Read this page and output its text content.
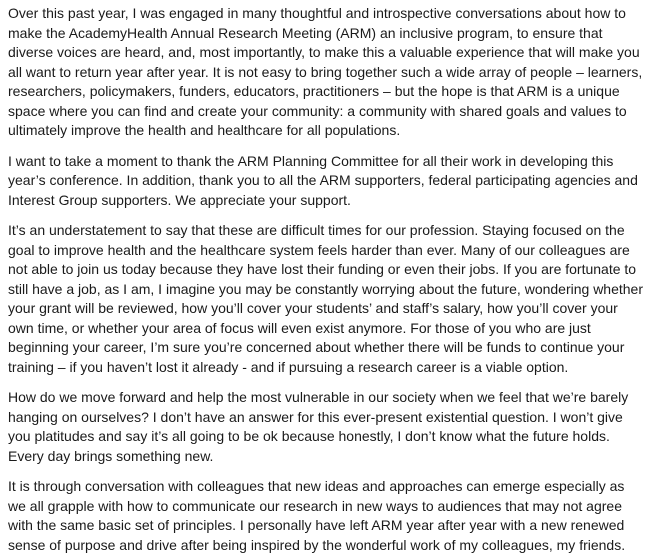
Over this past year, I was engaged in many thoughtful and introspective conversations about how to make the AcademyHealth Annual Research Meeting (ARM) an inclusive program, to ensure that diverse voices are heard, and, most importantly, to make this a valuable experience that will make you all want to return year after year. It is not easy to bring together such a wide array of people – learners, researchers, policymakers, funders, educators, practitioners – but the hope is that ARM is a unique space where you can find and create your community: a community with shared goals and values to ultimately improve the health and healthcare for all populations.

I want to take a moment to thank the ARM Planning Committee for all their work in developing this year’s conference. In addition, thank you to all the ARM supporters, federal participating agencies and Interest Group supporters. We appreciate your support.

It’s an understatement to say that these are difficult times for our profession. Staying focused on the goal to improve health and the healthcare system feels harder than ever. Many of our colleagues are not able to join us today because they have lost their funding or even their jobs. If you are fortunate to still have a job, as I am, I imagine you may be constantly worrying about the future, wondering whether your grant will be reviewed, how you’ll cover your students’ and staff’s salary, how you’ll cover your own time, or whether your area of focus will even exist anymore. For those of you who are just beginning your career, I’m sure you’re concerned about whether there will be funds to continue your training – if you haven’t lost it already - and if pursuing a research career is a viable option.

How do we move forward and help the most vulnerable in our society when we feel that we’re barely hanging on ourselves? I don’t have an answer for this ever-present existential question. I won’t give you platitudes and say it’s all going to be ok because honestly, I don’t know what the future holds. Every day brings something new.

It is through conversation with colleagues that new ideas and approaches can emerge especially as we all grapple with how to communicate our research in new ways to audiences that may not agree with the same basic set of principles. I personally have left ARM year after year with a new renewed sense of purpose and drive after being inspired by the wonderful work of my colleagues, my friends.
